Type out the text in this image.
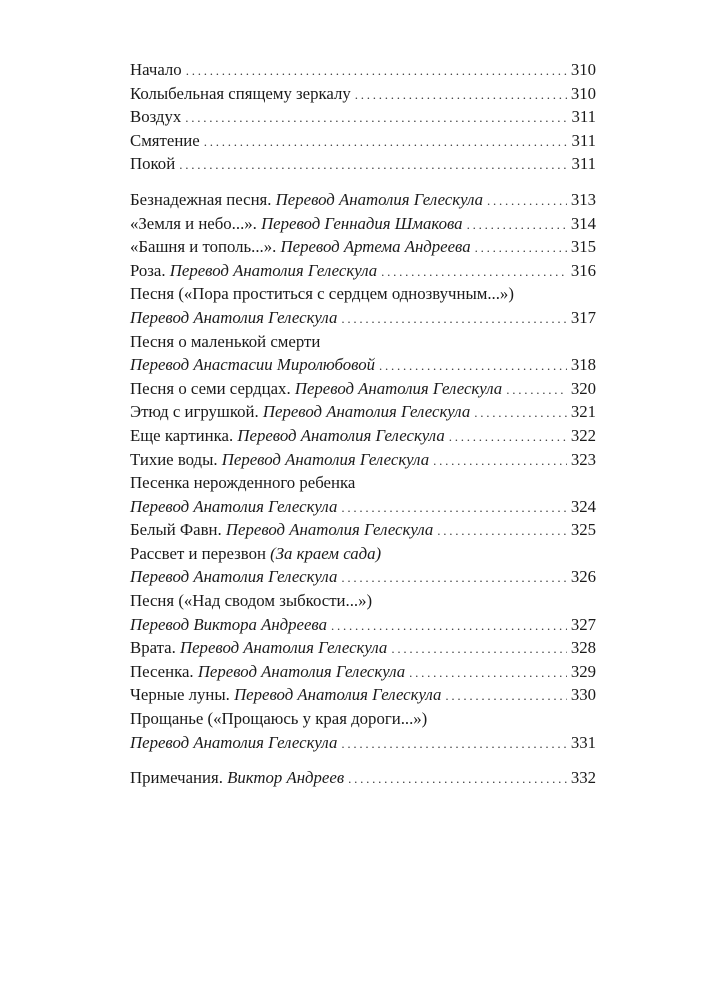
Начало . . .	310
Колыбельная спящему зеркалу . . .	310
Воздух . . .	311
Смятение . . .	311
Покой . . .	311
Безнадежная песня. Перевод Анатолия Гелескула . . .	313
«Земля и небо...». Перевод Геннадия Шмакова . . .	314
«Башня и тополь...». Перевод Артема Андреева . . .	315
Роза. Перевод Анатолия Гелескула . . .	316
Песня («Пора проститься с сердцем однозвучным...»)
Перевод Анатолия Гелескула . . .	317
Песня о маленькой смерти
Перевод Анастасии Миролюбовой . . .	318
Песня о семи сердцах. Перевод Анатолия Гелескула . . .	320
Этюд с игрушкой. Перевод Анатолия Гелескула . . .	321
Еще картинка. Перевод Анатолия Гелескула . . .	322
Тихие воды. Перевод Анатолия Гелескула . . .	323
Песенка нерожденного ребенка
Перевод Анатолия Гелескула . . .	324
Белый Фавн. Перевод Анатолия Гелескула . . .	325
Рассвет и перезвон (За краем сада)
Перевод Анатолия Гелескула . . .	326
Песня («Над сводом зыбкости...»)
Перевод Виктора Андреева . . .	327
Врата. Перевод Анатолия Гелескула . . .	328
Песенка. Перевод Анатолия Гелескула . . .	329
Черные луны. Перевод Анатолия Гелескула . . .	330
Прощанье («Прощаюсь у края дороги...»)
Перевод Анатолия Гелескула . . .	331
Примечания. Виктор Андреев . . .	332
